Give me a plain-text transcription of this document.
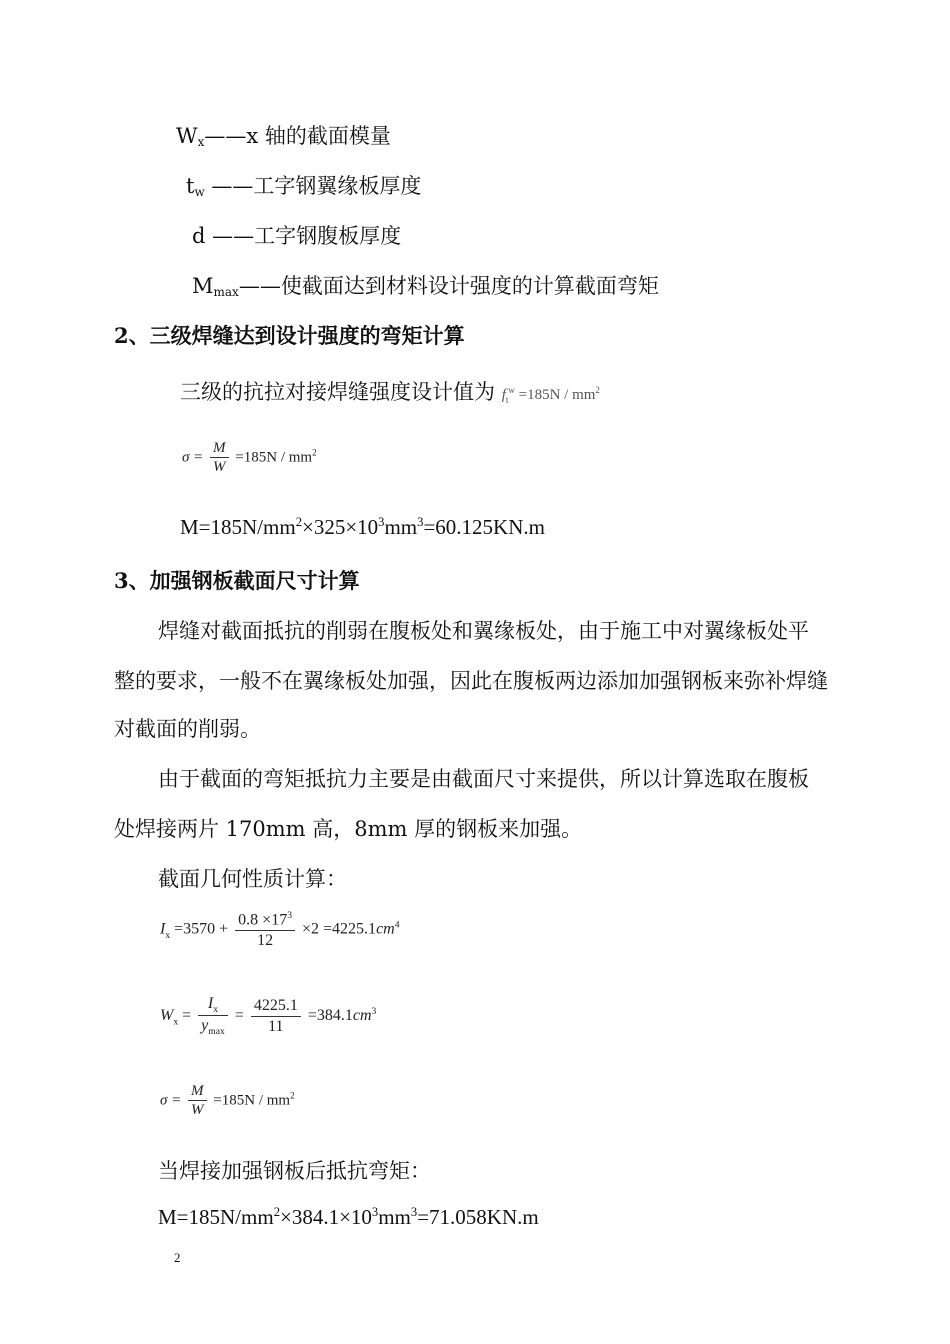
Wx——x 轴的截面模量
tw ——工字钢翼缘板厚度
d ——工字钢腹板厚度
Mmax——使截面达到材料设计强度的计算截面弯矩
2、三级焊缝达到设计强度的弯矩计算
三级的抗拉对接焊缝强度设计值为 $f_t^w =185N / mm^2$
$\sigma = \frac{M}{W} =185N / mm^2$
$M=185N/mm^2\times 325\times 10^3mm^3=60.125KN.m$
3、加强钢板截面尺寸计算
焊缝对截面抵抗的削弱在腹板处和翼缘板处，由于施工中对翼缘板处平
整的要求，一般不在翼缘板处加强，因此在腹板两边添加加强钢板来弥补焊缝
对截面的削弱。
由于截面的弯矩抵抗力主要是由截面尺寸来提供，所以计算选取在腹板
处焊接两片 170mm 高，8mm 厚的钢板来加强。
截面几何性质计算：
$I_x =3570 + \frac{0.8 \times 17^3}{12} \times 2 =4225.1cm^4$
$W_x = \frac{I_x}{y_{max}} = \frac{4225.1}{11} =384.1cm^3$
$\sigma = \frac{M}{W} =185N / mm^2$
当焊接加强钢板后抵抗弯矩：
$M=185N/mm^2\times 384.1\times 10^3mm^3=71.058KN.m$
2
